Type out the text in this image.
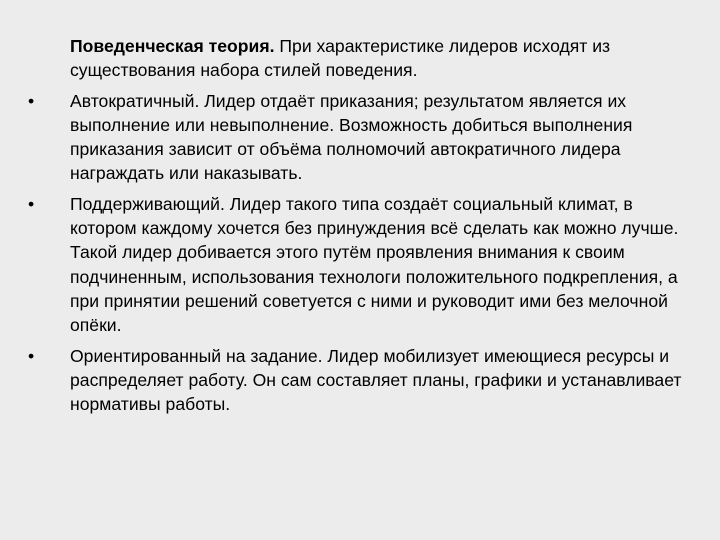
Поведенческая теория. При характеристике лидеров исходят из существования набора стилей поведения.

•	Автократичный. Лидер отдаёт приказания; результатом является их выполнение или невыполнение. Возможность добиться выполнения приказания зависит от объёма полномочий автократичного лидера награждать или наказывать.
•	Поддерживающий. Лидер такого типа создаёт социальный климат, в котором каждому хочется без принуждения всё сделать как можно лучше. Такой лидер добивается этого путём проявления внимания к своим подчиненным, использования технологи положительного подкрепления, а при принятии решений советуется с ними и руководит ими без мелочной опёки.
•	Ориентированный на задание. Лидер мобилизует имеющиеся ресурсы и распределяет работу. Он сам составляет планы, графики и устанавливает нормативы работы.
